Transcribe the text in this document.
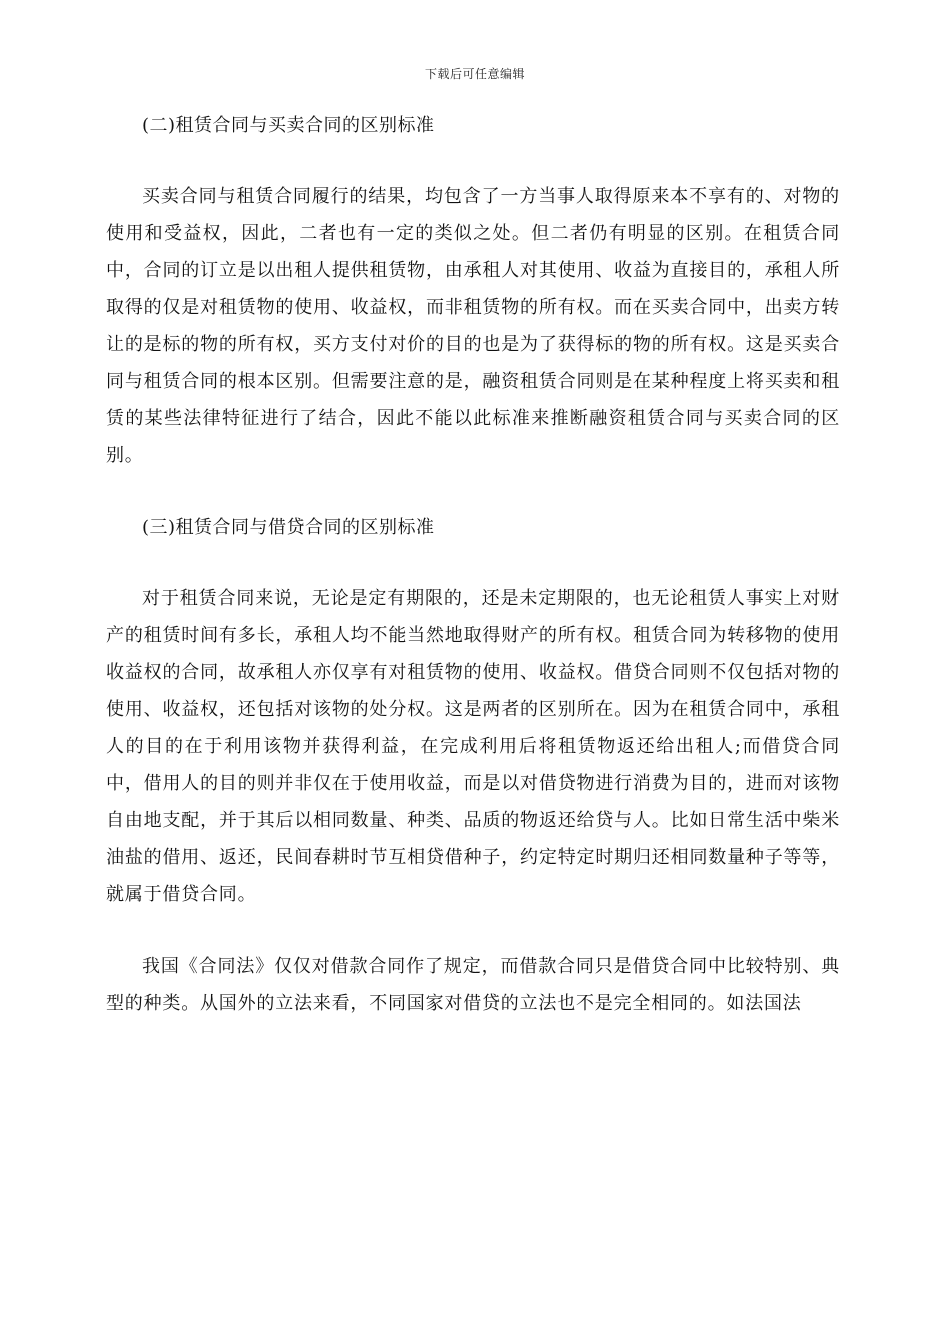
下载后可任意编辑
(二)租赁合同与买卖合同的区别标准

买卖合同与租赁合同履行的结果，均包含了一方当事人取得原来本不享有的、对物的使用和受益权，因此，二者也有一定的类似之处。但二者仍有明显的区别。在租赁合同中，合同的订立是以出租人提供租赁物，由承租人对其使用、收益为直接目的，承租人所取得的仅是对租赁物的使用、收益权，而非租赁物的所有权。而在买卖合同中，出卖方转让的是标的物的所有权，买方支付对价的目的也是为了获得标的物的所有权。这是买卖合同与租赁合同的根本区别。但需要注意的是，融资租赁合同则是在某种程度上将买卖和租赁的某些法律特征进行了结合，因此不能以此标准来推断融资租赁合同与买卖合同的区别。

(三)租赁合同与借贷合同的区别标准

对于租赁合同来说，无论是定有期限的，还是未定期限的，也无论租赁人事实上对财产的租赁时间有多长，承租人均不能当然地取得财产的所有权。租赁合同为转移物的使用收益权的合同，故承租人亦仅享有对租赁物的使用、收益权。借贷合同则不仅包括对物的使用、收益权，还包括对该物的处分权。这是两者的区别所在。因为在租赁合同中，承租人的目的在于利用该物并获得利益，在完成利用后将租赁物返还给出租人;而借贷合同中，借用人的目的则并非仅在于使用收益，而是以对借贷物进行消费为目的，进而对该物自由地支配，并于其后以相同数量、种类、品质的物返还给贷与人。比如日常生活中柴米油盐的借用、返还，民间春耕时节互相贷借种子，约定特定时期归还相同数量种子等等，就属于借贷合同。

我国《合同法》仅仅对借款合同作了规定，而借款合同只是借贷合同中比较特别、典型的种类。从国外的立法来看，不同国家对借贷的立法也不是完全相同的。如法国法
